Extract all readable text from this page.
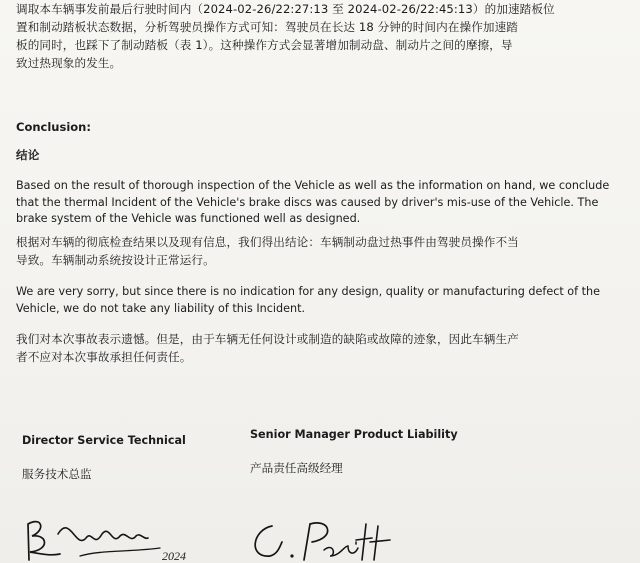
调取本车辆事发前最后行驶时间内（2024-02-26/22:27:13 至 2024-02-26/22:45:13）的加速踏板位
置和制动踏板状态数据，分析驾驶员操作方式可知：驾驶员在长达 18 分钟的时间内在操作加速踏
板的同时，也踩下了制动踏板（表 1）。这种操作方式会显著增加制动盘、制动片之间的摩擦，导
致过热现象的发生。
Conclusion:
结论
Based on the result of thorough inspection of the Vehicle as well as the information on hand, we conclude
that the thermal Incident of the Vehicle's brake discs was caused by driver's mis-use of the Vehicle. The
brake system of the Vehicle was functioned well as designed.
根据对车辆的彻底检查结果以及现有信息，我们得出结论：车辆制动盘过热事件由驾驶员操作不当
导致。车辆制动系统按设计正常运行。
We are very sorry, but since there is no indication for any design, quality or manufacturing defect of the
Vehicle, we do not take any liability of this Incident.
我们对本次事故表示遗憾。但是，由于车辆无任何设计或制造的缺陷或故障的迹象，因此车辆生产
者不应对本次事故承担任何责任。
Director Service Technical
服务技术总监
Senior Manager Product Liability
产品责任高级经理
2024
